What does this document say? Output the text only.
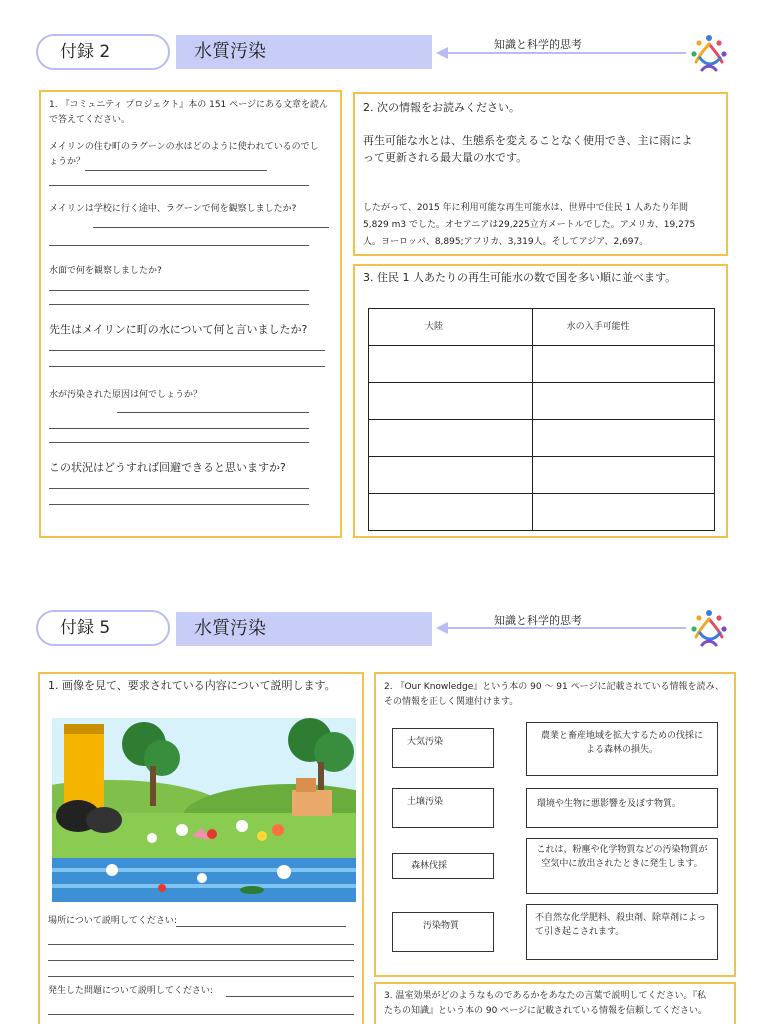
付録 2	水質汚染	知識と科学的思考
1. 『コミュニティ プロジェクト』本の 151 ページにある文章を読んで答えてください。
メイリンの住む町のラグーンの水はどのように使われているのでしょうか？
メイリンは学校に行く途中、ラグーンで何を観察しましたか?
水面で何を観察しましたか?
先生はメイリンに町の水について何と言いましたか?
水が汚染された原因は何でしょうか？
この状況はどうすれば回避できると思いますか?
2. 次の情報をお読みください。
再生可能な水とは、生態系を変えることなく使用でき、主に雨によって更新される最大量の水です。
したがって、2015 年に利用可能な再生可能水は、世界中で住民 1 人あたり年間 5,829 m3 でした。オセアニアは29,225立方メートルでした。アメリカ、19,275人。ヨーロッパ、8,895;アフリカ、3,319人。そしてアジア、2,697。
3. 住民 1 人あたりの再生可能水の数で国を多い順に並べます。
大陸	水の入手可能性

付録 5	水質汚染	知識と科学的思考
1. 画像を見て、要求されている内容について説明します。
場所について説明してください:
発生した問題について説明してください:
2. 『Our Knowledge』という本の 90 ～ 91 ページに記載されている情報を読み、その情報を正しく関連付けます。
大気汚染
土壌汚染
森林伐採
汚染物質
農業と畜産地域を拡大するための伐採による森林の損失。
環境や生物に悪影響を及ぼす物質。
これは、粉塵や化学物質などの汚染物質が空気中に放出されたときに発生します。
不自然な化学肥料、殺虫剤、除草剤によって引き起こされます。
3. 温室効果がどのようなものであるかをあなたの言葉で説明してください。『私たちの知識』という本の 90 ページに記載されている情報を信頼してください。
